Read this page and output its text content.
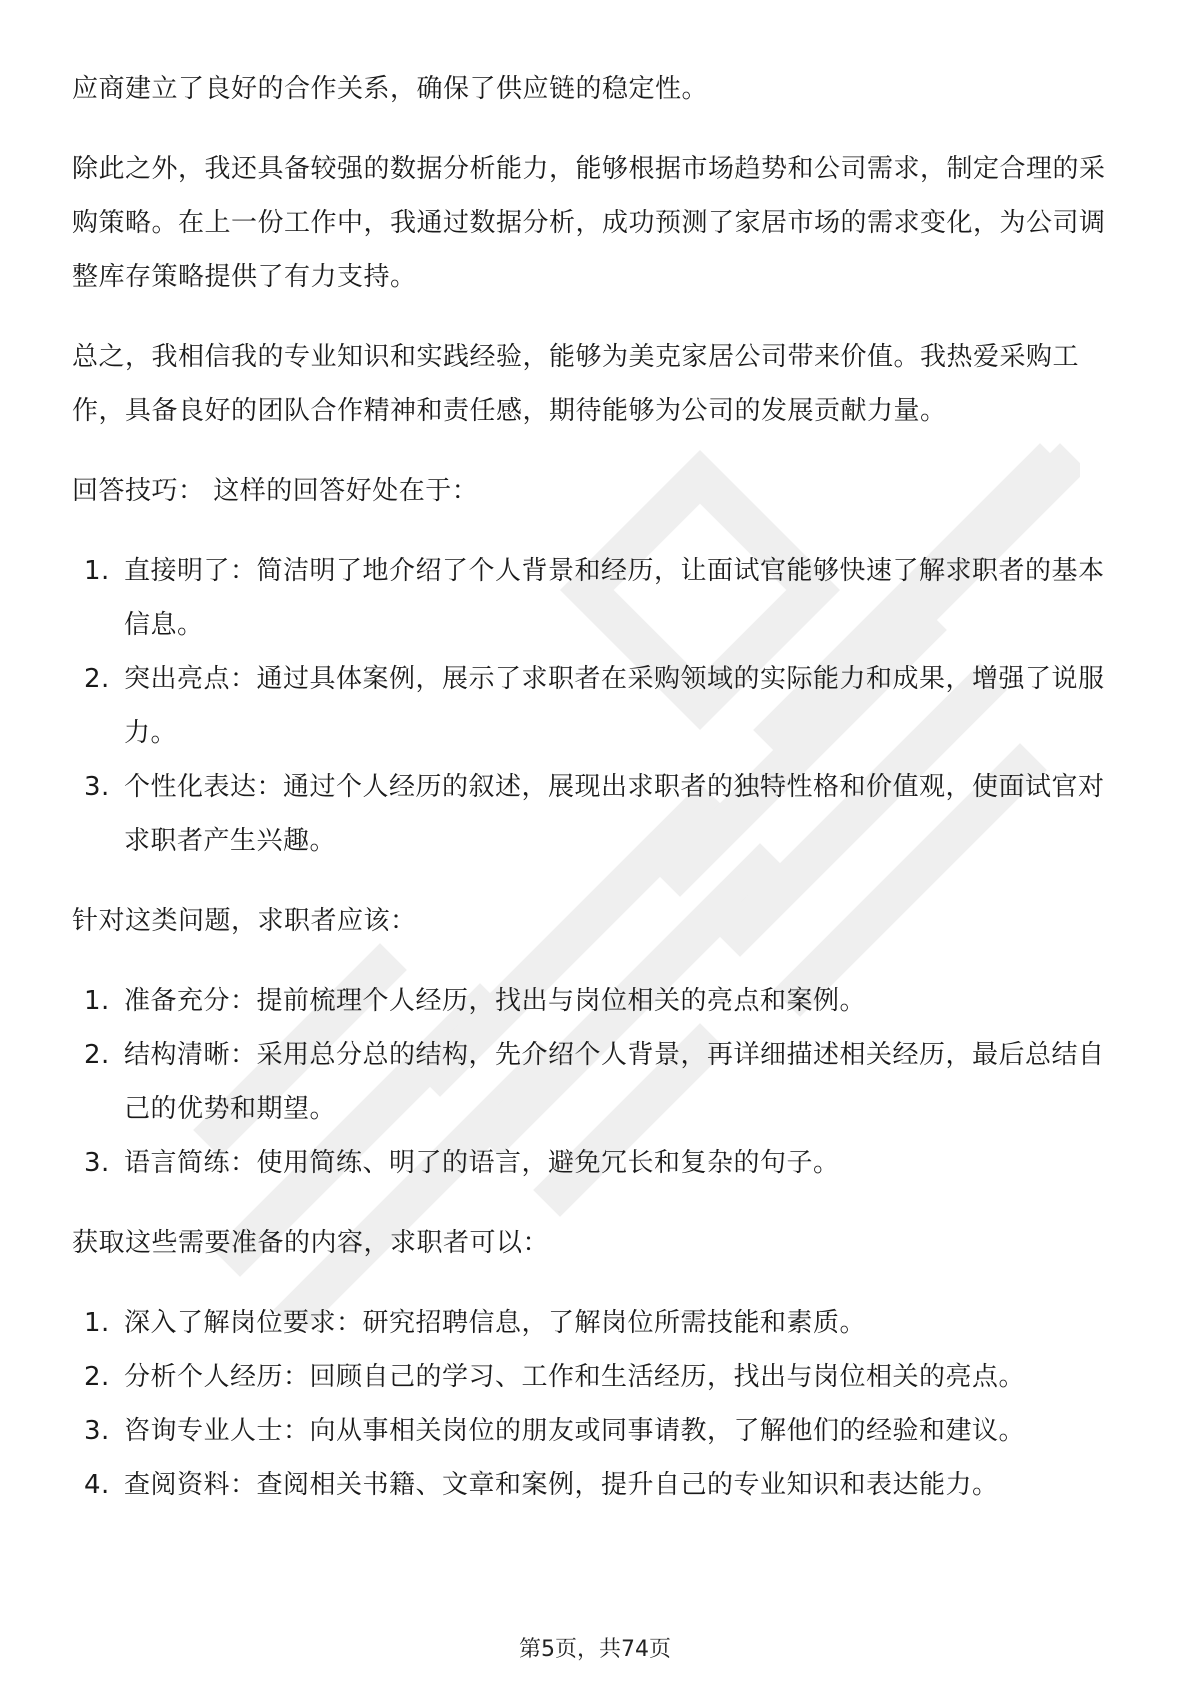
应商建立了良好的合作关系，确保了供应链的稳定性。

除此之外，我还具备较强的数据分析能力，能够根据市场趋势和公司需求，制定合理的采购策略。在上一份工作中，我通过数据分析，成功预测了家居市场的需求变化，为公司调整库存策略提供了有力支持。

总之，我相信我的专业知识和实践经验，能够为美克家居公司带来价值。我热爱采购工作，具备良好的团队合作精神和责任感，期待能够为公司的发展贡献力量。

回答技巧： 这样的回答好处在于：

1. 直接明了：简洁明了地介绍了个人背景和经历，让面试官能够快速了解求职者的基本信息。
2. 突出亮点：通过具体案例，展示了求职者在采购领域的实际能力和成果，增强了说服力。
3. 个性化表达：通过个人经历的叙述，展现出求职者的独特性格和价值观，使面试官对求职者产生兴趣。

针对这类问题，求职者应该：

1. 准备充分：提前梳理个人经历，找出与岗位相关的亮点和案例。
2. 结构清晰：采用总分总的结构，先介绍个人背景，再详细描述相关经历，最后总结自己的优势和期望。
3. 语言简练：使用简练、明了的语言，避免冗长和复杂的句子。

获取这些需要准备的内容，求职者可以：

1. 深入了解岗位要求：研究招聘信息，了解岗位所需技能和素质。
2. 分析个人经历：回顾自己的学习、工作和生活经历，找出与岗位相关的亮点。
3. 咨询专业人士：向从事相关岗位的朋友或同事请教，了解他们的经验和建议。
4. 查阅资料：查阅相关书籍、文章和案例，提升自己的专业知识和表达能力。
第5页，共74页
